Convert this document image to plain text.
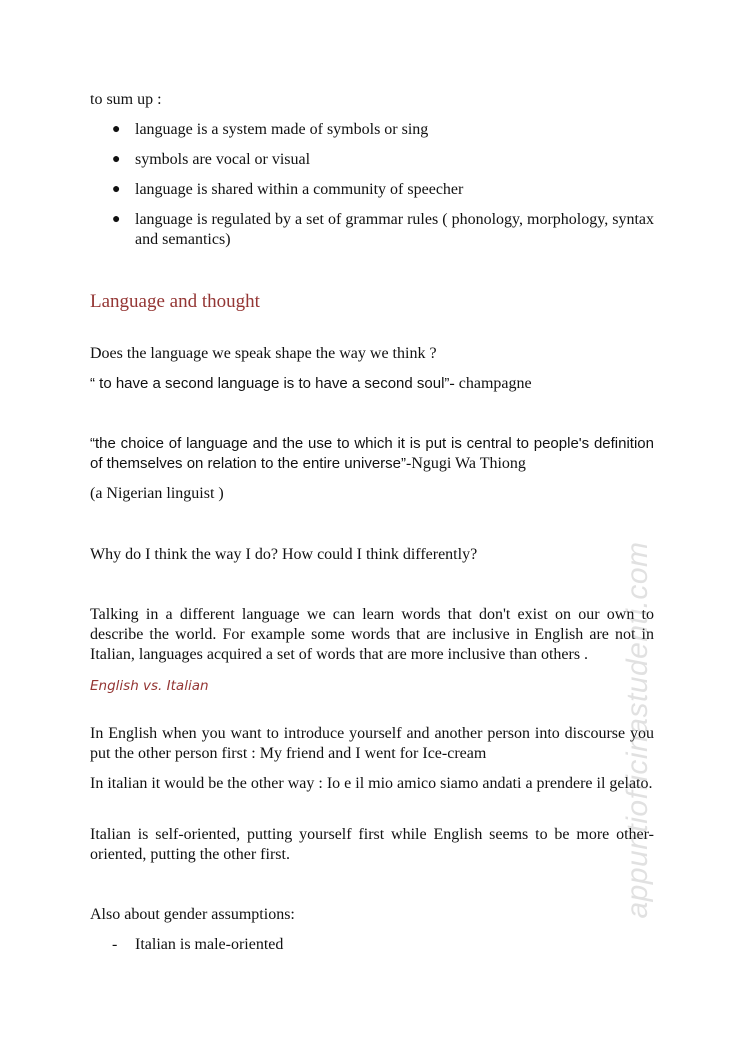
to sum up :
● language is a system made of symbols or sing
● symbols are vocal or visual
● language is shared within a community of speecher
● language is regulated by a set of grammar rules ( phonology, morphology, syntax and semantics)
Language and thought
Does the language we speak shape the way we think ?
“ to have a second language is to have a second soul”- champagne
“the choice of language and the use to which it is put is central to people's definition of themselves on relation to the entire universe”-Ngugi Wa Thiong
(a Nigerian linguist )
Why do I think the way I do? How could I think differently?
Talking in a different language we can learn words that don't exist on our own to describe the world. For example some words that are inclusive in English are not in Italian, languages acquired a set of words that are more inclusive than others .
English vs. Italian
In English when you want to introduce yourself and another person into discourse you put the other person first : My friend and I went for Ice-cream
In italian it would be the other way : Io e il mio amico siamo andati a prendere il gelato.
Italian is self-oriented, putting yourself first while English seems to be more other-oriented, putting the other first.
Also about gender assumptions:
- Italian is male-oriented
appuntiofficinastudenti.com
